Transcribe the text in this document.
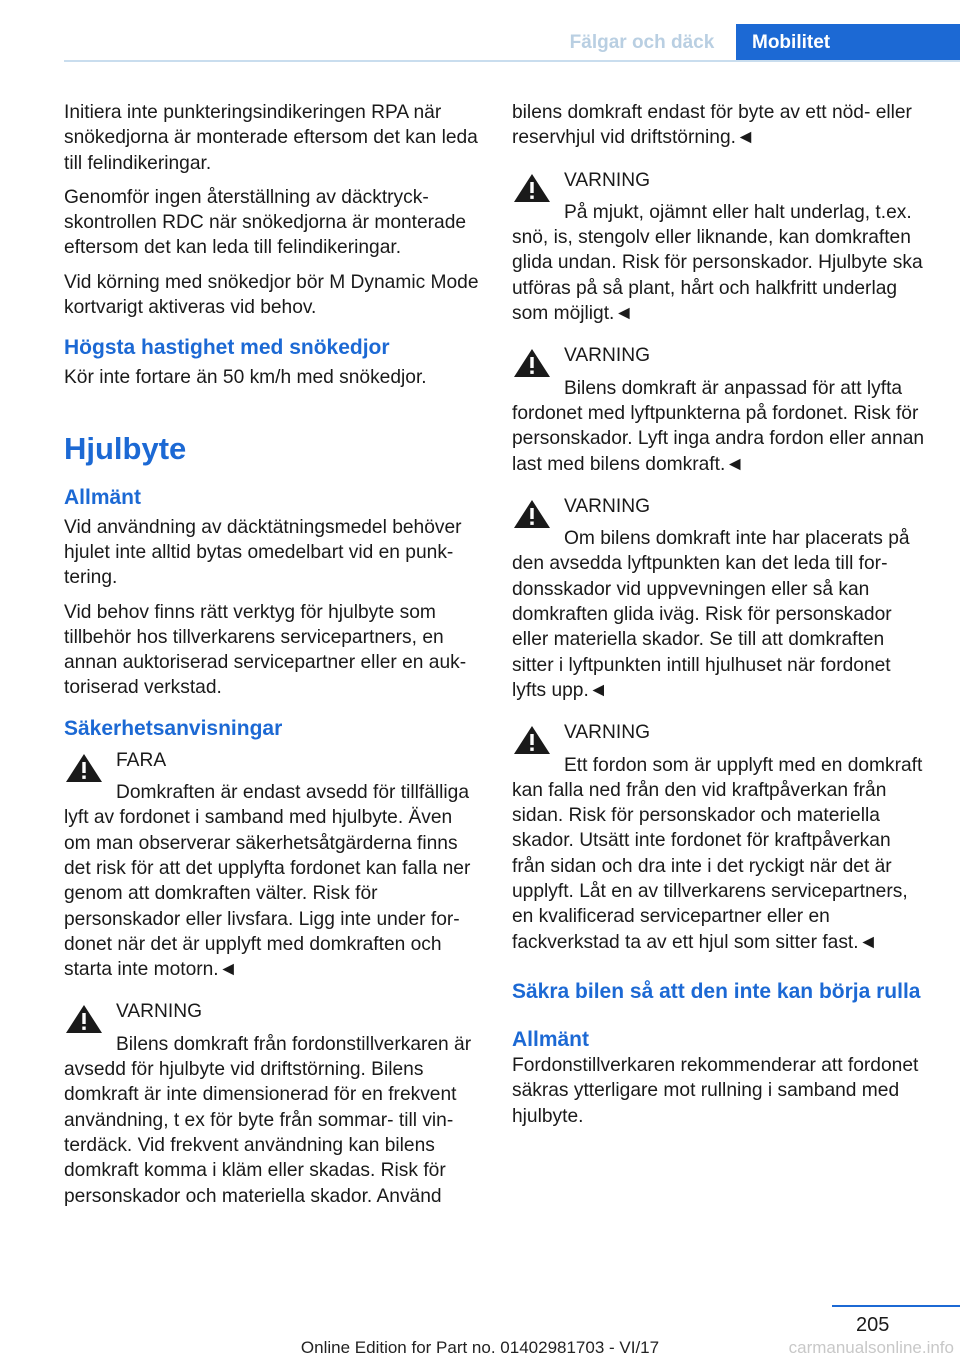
Fälgar och däck	Mobilitet

Initiera inte punkteringsindikeringen RPA när snökedjorna är monterade eftersom det kan leda till felindikeringar.

Genomför ingen återställning av däcktryckskontrollen RDC när snökedjorna är monterade eftersom det kan leda till felindikeringar.

Vid körning med snökedjor bör M Dynamic Mode kortvarigt aktiveras vid behov.

Högsta hastighet med snökedjor

Kör inte fortare än 50 km/h med snökedjor.

Hjulbyte
Allmänt

Vid användning av däcktätningsmedel behöver hjulet inte alltid bytas omedelbart vid en punktering.

Vid behov finns rätt verktyg för hjulbyte som tillbehör hos tillverkarens servicepartners, en annan auktoriserad servicepartner eller en auktoriserad verkstad.

Säkerhetsanvisningar
FARA
Domkraften är endast avsedd för tillfälliga lyft av fordonet i samband med hjulbyte. Även om man observerar säkerhetsåtgärderna finns det risk för att det upplyfta fordonet kan falla ner genom att domkraften välter. Risk för personskador eller livsfara. Ligg inte under fordonet när det är upplyft med domkraften och starta inte motorn.◄
VARNING
Bilens domkraft från fordonstillverkaren är avsedd för hjulbyte vid driftstörning. Bilens domkraft är inte dimensionerad för en frekvent användning, t ex för byte från sommar- till vinterdäck. Vid frekvent användning kan bilens domkraft komma i kläm eller skadas. Risk för personskador och materiella skador. Använd

bilens domkraft endast för byte av ett nöd- eller reservhjul vid driftstörning.◄

VARNING
På mjukt, ojämnt eller halt underlag, t.ex. snö, is, stengolv eller liknande, kan domkraften glida undan. Risk för personskador. Hjulbyte ska utföras på så plant, hårt och halkfritt underlag som möjligt.◄
VARNING
Bilens domkraft är anpassad för att lyfta fordonet med lyftpunkterna på fordonet. Risk för personskador. Lyft inga andra fordon eller annan last med bilens domkraft.◄
VARNING
Om bilens domkraft inte har placerats på den avsedda lyftpunkten kan det leda till fordonsskador vid uppvevningen eller så kan domkraften glida iväg. Risk för personskador eller materiella skador. Se till att domkraften sitter i lyftpunkten intill hjulhuset när fordonet lyfts upp.◄
VARNING
Ett fordon som är upplyft med en domkraft kan falla ned från den vid kraftpåverkan från sidan. Risk för personskador och materiella skador. Utsätt inte fordonet för kraftpåverkan från sidan och dra inte i det ryckigt när det är upplyft. Låt en av tillverkarens servicepartners, en kvalificerad servicepartner eller en fackverkstad ta av ett hjul som sitter fast.◄
Säkra bilen så att den inte kan börja rulla
Allmänt

Fordonstillverkaren rekommenderar att fordonet säkras ytterligare mot rullning i samband med hjulbyte.

205
Online Edition for Part no. 01402981703 - VI/17	carmanualsonline.info
